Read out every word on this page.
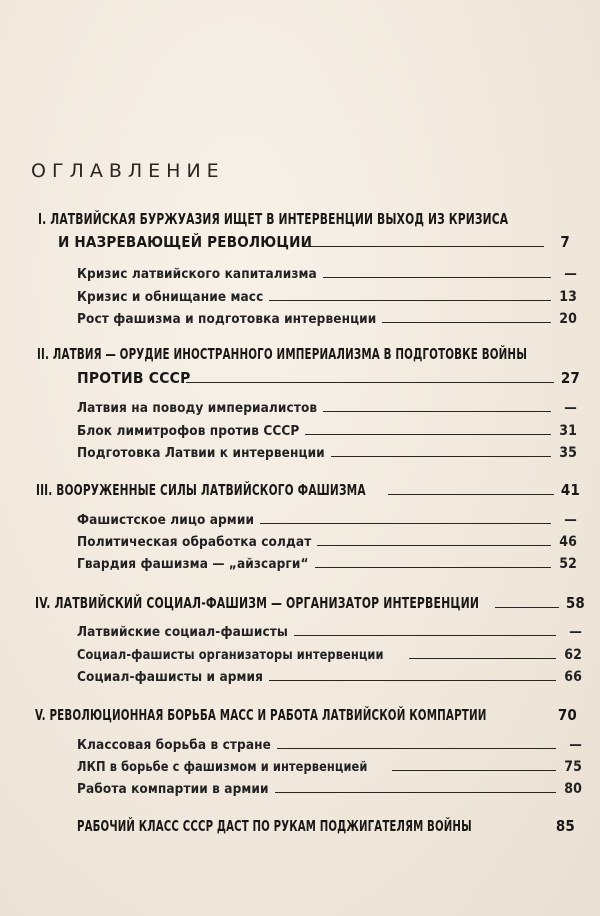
ОГЛАВЛЕНИЕ
I. ЛАТВИЙСКАЯ БУРЖУАЗИЯ ИЩЕТ В ИНТЕРВЕНЦИИ ВЫХОД ИЗ КРИЗИСА
И НАЗРЕВАЮЩЕЙ РЕВОЛЮЦИИ	7
Кризис латвийского капитализма	—
Кризис и обнищание масс	13
Рост фашизма и подготовка интервенции	20
II. ЛАТВИЯ — ОРУДИЕ ИНОСТРАННОГО ИМПЕРИАЛИЗМА В ПОДГОТОВКЕ ВОЙНЫ
ПРОТИВ СССР	27
Латвия на поводу империалистов	—
Блок лимитрофов против СССР	31
Подготовка Латвии к интервенции	35
III. ВООРУЖЕННЫЕ СИЛЫ ЛАТВИЙСКОГО ФАШИЗМА	41
Фашистское лицо армии	—
Политическая обработка солдат	46
Гвардия фашизма — „айзсарги“	52
IV. ЛАТВИЙСКИЙ СОЦИАЛ-ФАШИЗМ — ОРГАНИЗАТОР ИНТЕРВЕНЦИИ	58
Латвийские социал-фашисты	—
Социал-фашисты организаторы интервенции	62
Социал-фашисты и армия	66
V. РЕВОЛЮЦИОННАЯ БОРЬБА МАСС И РАБОТА ЛАТВИЙСКОЙ КОМПАРТИИ	70
Классовая борьба в стране	—
ЛКП в борьбе с фашизмом и интервенцией	75
Работа компартии в армии	80
РАБОЧИЙ КЛАСС СССР ДАСТ ПО РУКАМ ПОДЖИГАТЕЛЯМ ВОЙНЫ	85
